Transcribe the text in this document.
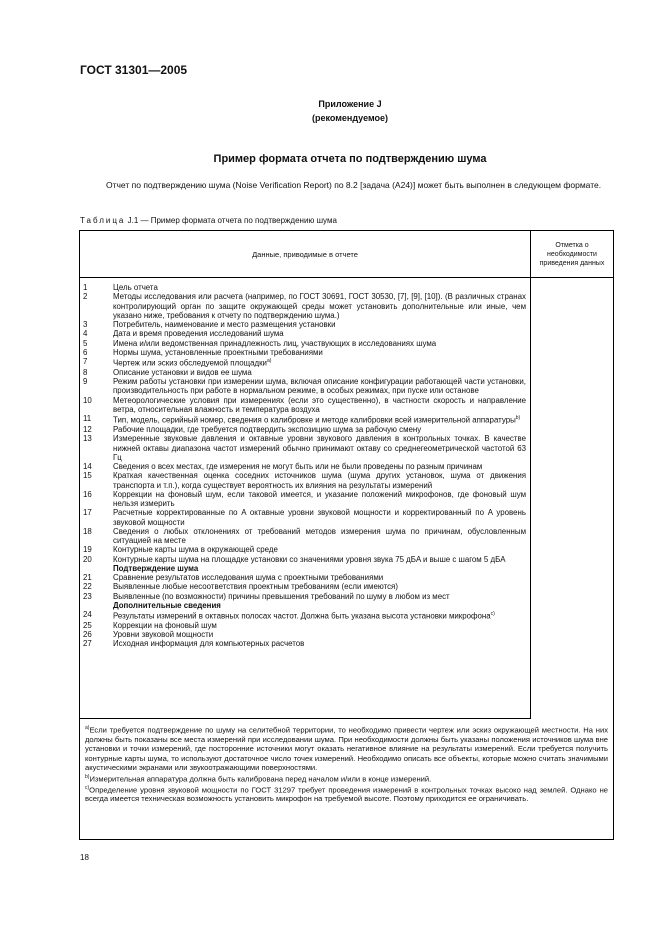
ГОСТ 31301—2005
Приложение J
(рекомендуемое)
Пример формата отчета по подтверждению шума
Отчет по подтверждению шума (Noise Verification Report) по 8.2 [задача (A24)] может быть выполнен в следующем формате.
Таблица J.1 — Пример формата отчета по подтверждению шума
Данные, приводимые в отчете
Отметка о необходимости приведения данных
1	Цель отчета
2	Методы исследования или расчета (например, по ГОСТ 30691, ГОСТ 30530, [7], [9], [10]). (В различных странах контролирующий орган по защите окружающей среды может установить дополнительные или иные, чем указано ниже, требования к отчету по подтверждению шума.)
3	Потребитель, наименование и место размещения установки
4	Дата и время проведения исследований шума
5	Имена и/или ведомственная принадлежность лиц, участвующих в исследованиях шума
6	Нормы шума, установленные проектными требованиями
7	Чертеж или эскиз обследуемой площадки$^{а)}$
8	Описание установки и видов ее шума
9	Режим работы установки при измерении шума, включая описание конфигурации работающей части установки, производительность при работе в нормальном режиме, в особых режимах, при пуске или останове
10	Метеорологические условия при измерениях (если это существенно), в частности скорость и направление ветра, относительная влажность и температура воздуха
11	Тип, модель, серийный номер, сведения о калибровке и методе калибровки всей измерительной аппаратуры$^{b)}$
12	Рабочие площадки, где требуется подтвердить экспозицию шума за рабочую смену
13	Измеренные звуковые давления и октавные уровни звукового давления в контрольных точках. В качестве нижней октавы диапазона частот измерений обычно принимают октаву со среднегеометрической частотой 63 Гц
14	Сведения о всех местах, где измерения не могут быть или не были проведены по разным причинам
15	Краткая качественная оценка соседних источников шума (шума других установок, шума от движения транспорта и т.п.), когда существует вероятность их влияния на результаты измерений
16	Коррекции на фоновый шум, если таковой имеется, и указание положений микрофонов, где фоновый шум нельзя измерить
17	Расчетные корректированные по A октавные уровни звуковой мощности и корректированный по A уровень звуковой мощности
18	Сведения о любых отклонениях от требований методов измерения шума по причинам, обусловленным ситуацией на месте
19	Контурные карты шума в окружающей среде
20	Контурные карты шума на площадке установки со значениями уровня звука 75 дБA и выше с шагом 5 дБA
Подтверждение шума
21	Сравнение результатов исследования шума с проектными требованиями
22	Выявленные любые несоответствия проектным требованиям (если имеются)
23	Выявленные (по возможности) причины превышения требований по шуму в любом из мест
Дополнительные сведения
24	Результаты измерений в октавных полосах частот. Должна быть указана высота установки микрофона$^{c)}$
25	Коррекции на фоновый шум
26	Уровни звуковой мощности
27	Исходная информация для компьютерных расчетов
$^{а)}$Если требуется подтверждение по шуму на селитебной территории, то необходимо привести чертеж или эскиз окружающей местности. На них должны быть показаны все места измерений при исследовании шума. При необходимости должны быть указаны положения источников шума вне установки и точки измерений, где посторонние источники могут оказать негативное влияние на результаты измерений. Если требуется получить контурные карты шума, то используют достаточное число точек измерений. Необходимо описать все объекты, которые можно считать значимыми акустическими экранами или звукоотражающими поверхностями.
$^{b)}$Измерительная аппаратура должна быть калибрована перед началом и/или в конце измерений.
$^{c)}$Определение уровня звуковой мощности по ГОСТ 31297 требует проведения измерений в контрольных точках высоко над землей. Однако не всегда имеется техническая возможность установить микрофон на требуемой высоте. Поэтому приходится ее ограничивать.
18
